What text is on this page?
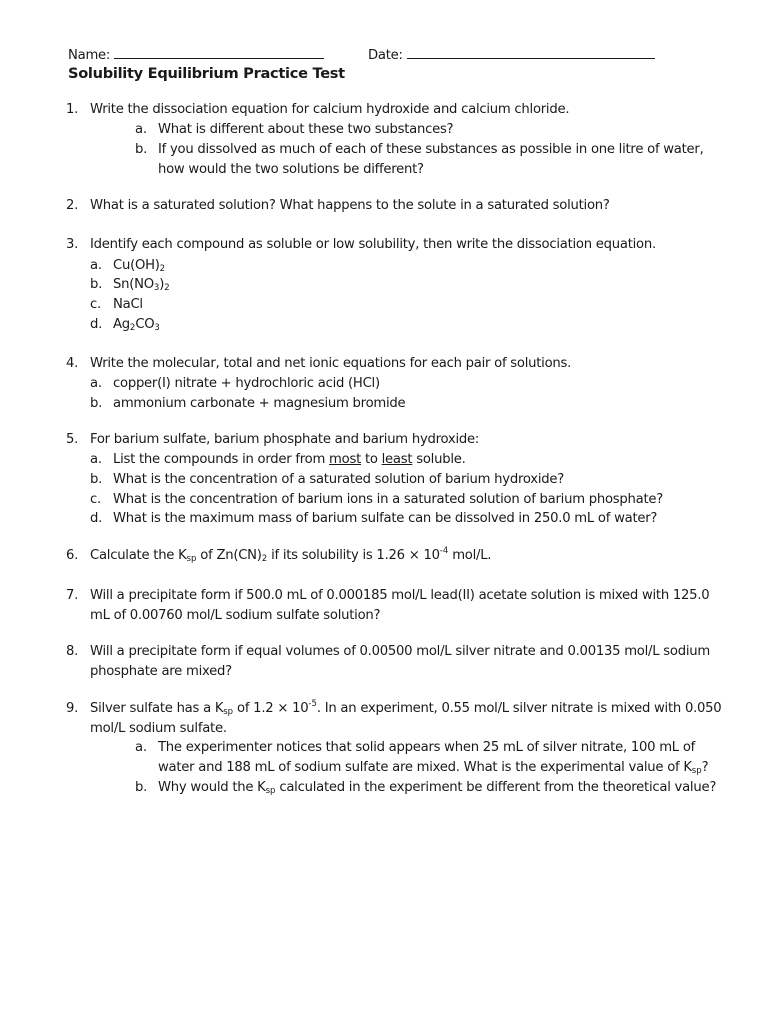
Name:	Date:
Solubility Equilibrium Practice Test
1. Write the dissociation equation for calcium hydroxide and calcium chloride.
a. What is different about these two substances?
b. If you dissolved as much of each of these substances as possible in one litre of water,
how would the two solutions be different?
2. What is a saturated solution? What happens to the solute in a saturated solution?
3. Identify each compound as soluble or low solubility, then write the dissociation equation.
a. $Cu(OH)_2$
b. $Sn(NO_3)_2$
c. NaCl
d. $Ag_2CO_3$
4. Write the molecular, total and net ionic equations for each pair of solutions.
a. copper(I) nitrate + hydrochloric acid (HCl)
b. ammonium carbonate + magnesium bromide
5. For barium sulfate, barium phosphate and barium hydroxide:
a. List the compounds in order from most to least soluble.
b. What is the concentration of a saturated solution of barium hydroxide?
c. What is the concentration of barium ions in a saturated solution of barium phosphate?
d. What is the maximum mass of barium sulfate can be dissolved in 250.0 mL of water?
6. Calculate the $K_{sp}$ of $Zn(CN)_2$ if its solubility is $1.26 \times 10^{-4}$ mol/L.
7. Will a precipitate form if 500.0 mL of 0.000185 mol/L lead(II) acetate solution is mixed with 125.0
mL of 0.00760 mol/L sodium sulfate solution?
8. Will a precipitate form if equal volumes of 0.00500 mol/L silver nitrate and 0.00135 mol/L sodium
phosphate are mixed?
9. Silver sulfate has a $K_{sp}$ of $1.2 \times 10^{-5}$. In an experiment, 0.55 mol/L silver nitrate is mixed with 0.050
mol/L sodium sulfate.
a. The experimenter notices that solid appears when 25 mL of silver nitrate, 100 mL of
water and 188 mL of sodium sulfate are mixed. What is the experimental value of $K_{sp}$?
b. Why would the $K_{sp}$ calculated in the experiment be different from the theoretical value?
